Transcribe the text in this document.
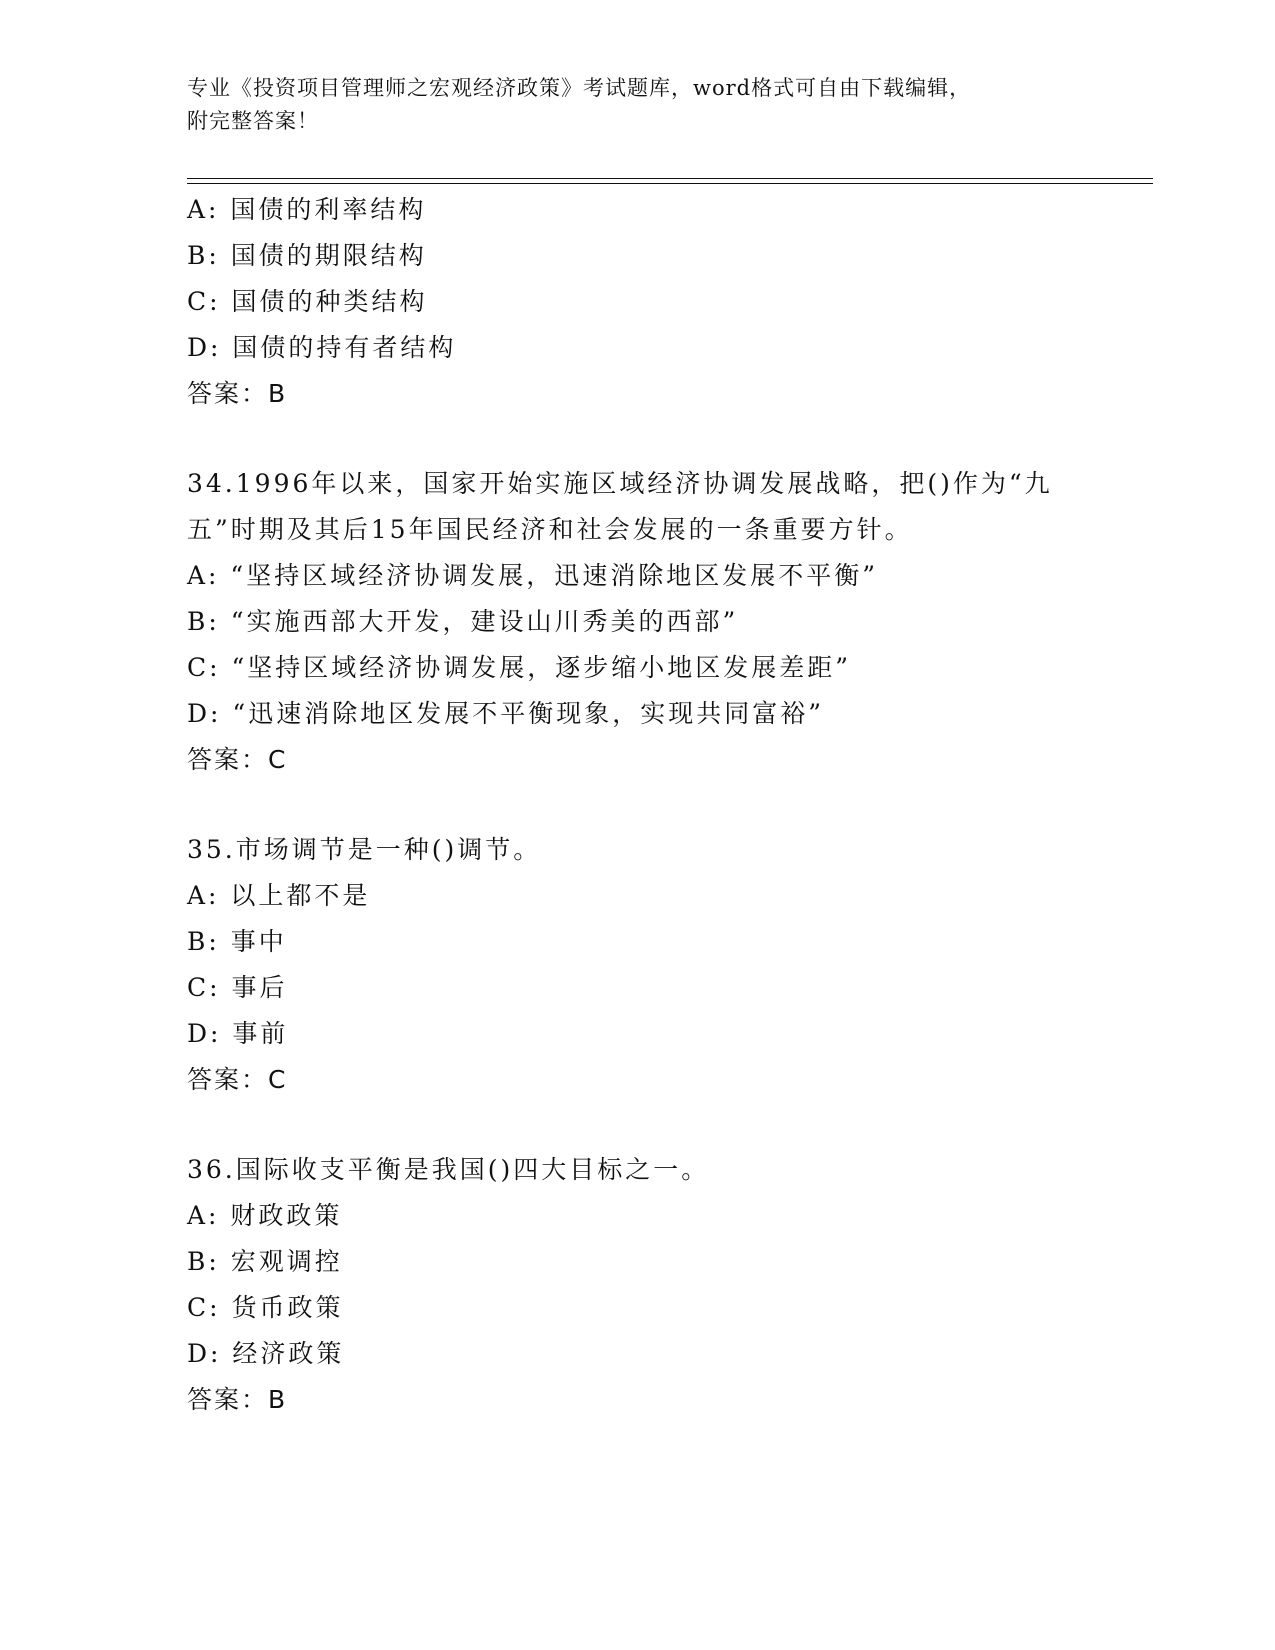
专业《投资项目管理师之宏观经济政策》考试题库，word格式可自由下载编辑，
附完整答案！
A: 国债的利率结构
B: 国债的期限结构
C: 国债的种类结构
D: 国债的持有者结构
答案：B
34.1996年以来，国家开始实施区域经济协调发展战略，把()作为“九
五”时期及其后15年国民经济和社会发展的一条重要方针。
A: “坚持区域经济协调发展，迅速消除地区发展不平衡”
B: “实施西部大开发，建设山川秀美的西部”
C: “坚持区域经济协调发展，逐步缩小地区发展差距”
D: “迅速消除地区发展不平衡现象，实现共同富裕”
答案：C
35.市场调节是一种()调节。
A: 以上都不是
B: 事中
C: 事后
D: 事前
答案：C
36.国际收支平衡是我国()四大目标之一。
A: 财政政策
B: 宏观调控
C: 货币政策
D: 经济政策
答案：B
